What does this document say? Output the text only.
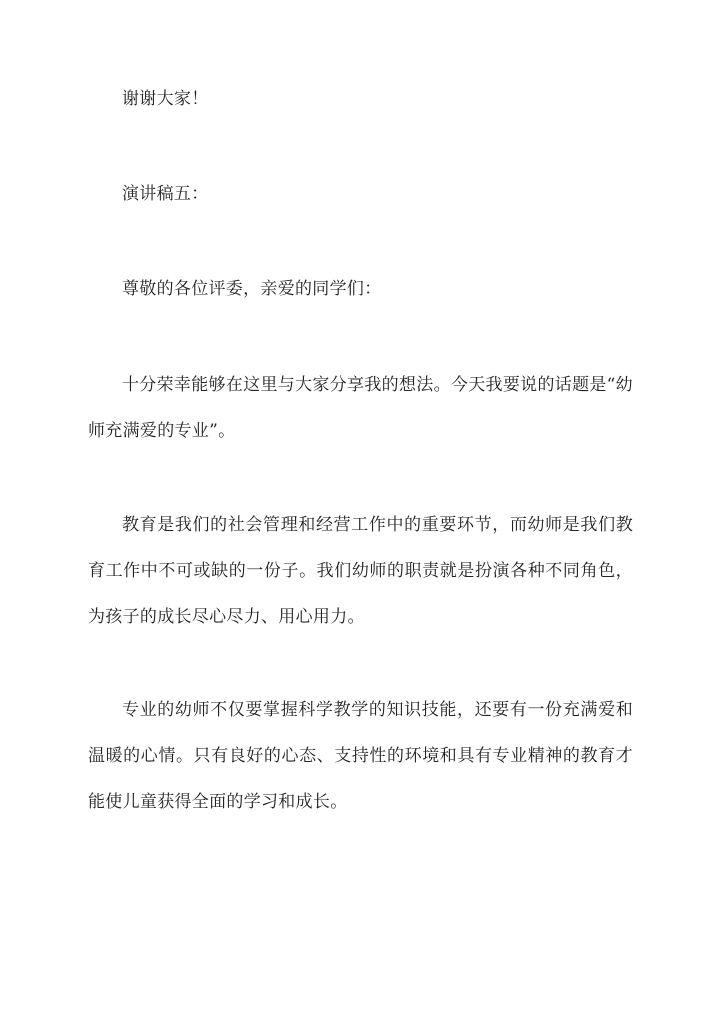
谢谢大家！

演讲稿五：

尊敬的各位评委，亲爱的同学们：

十分荣幸能够在这里与大家分享我的想法。今天我要说的话题是“幼师充满爱的专业”。

教育是我们的社会管理和经营工作中的重要环节，而幼师是我们教育工作中不可或缺的一份子。我们幼师的职责就是扮演各种不同角色，为孩子的成长尽心尽力、用心用力。

专业的幼师不仅要掌握科学教学的知识技能，还要有一份充满爱和温暖的心情。只有良好的心态、支持性的环境和具有专业精神的教育才能使儿童获得全面的学习和成长。
